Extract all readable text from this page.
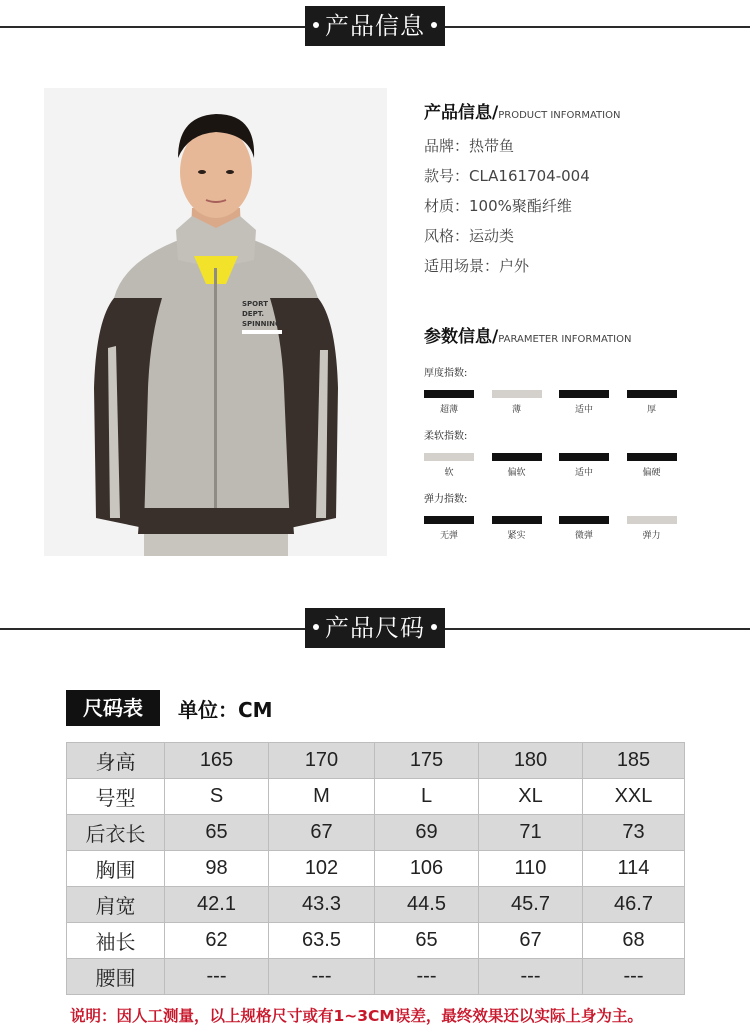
产品信息
SPORT
DEPT.
SPINNING
产品信息/PRODUCT INFORMATION
品牌：热带鱼
款号：CLA161704-004
材质：100%聚酯纤维
风格：运动类
适用场景：户外
参数信息/PARAMETER INFORMATION
厚度指数:
超薄	薄	适中	厚
柔软指数:
软	偏软	适中	偏硬
弹力指数:
无弹	紧实	微弹	弹力
产品尺码
尺码表	单位：CM
身高	165	170	175	180	185
号型	S	M	L	XL	XXL
后衣长	65	67	69	71	73
胸围	98	102	106	110	114
肩宽	42.1	43.3	44.5	45.7	46.7
袖长	62	63.5	65	67	68
腰围	---	---	---	---	---
说明：因人工测量，以上规格尺寸或有1~3CM误差，最终效果还以实际上身为主。
